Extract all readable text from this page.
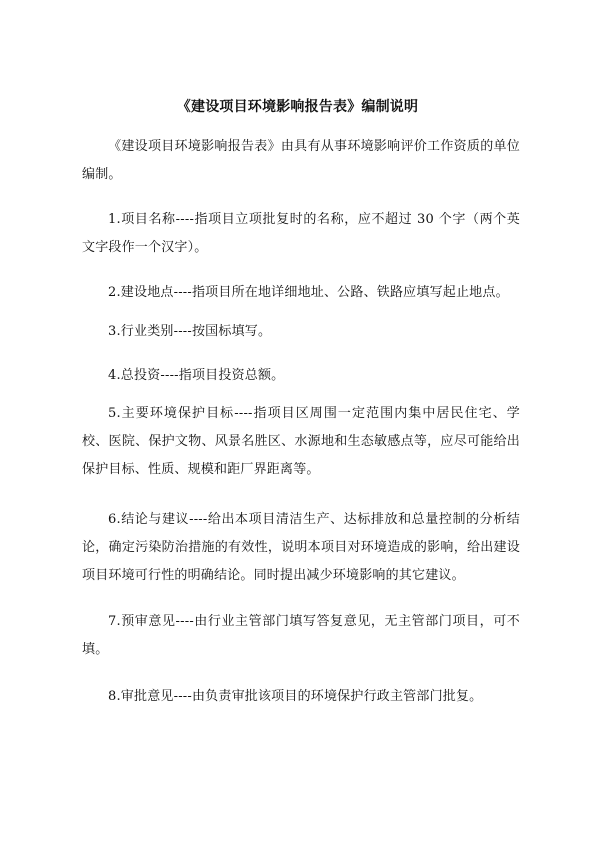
《建设项目环境影响报告表》编制说明
《建设项目环境影响报告表》由具有从事环境影响评价工作资质的单位编制。
1.项目名称----指项目立项批复时的名称，应不超过 30 个字（两个英文字段作一个汉字）。
2.建设地点----指项目所在地详细地址、公路、铁路应填写起止地点。
3.行业类别----按国标填写。
4.总投资----指项目投资总额。
5.主要环境保护目标----指项目区周围一定范围内集中居民住宅、学校、医院、保护文物、风景名胜区、水源地和生态敏感点等，应尽可能给出保护目标、性质、规模和距厂界距离等。
6.结论与建议----给出本项目清洁生产、达标排放和总量控制的分析结论，确定污染防治措施的有效性，说明本项目对环境造成的影响，给出建设项目环境可行性的明确结论。同时提出减少环境影响的其它建议。
7.预审意见----由行业主管部门填写答复意见，无主管部门项目，可不填。
8.审批意见----由负责审批该项目的环境保护行政主管部门批复。
